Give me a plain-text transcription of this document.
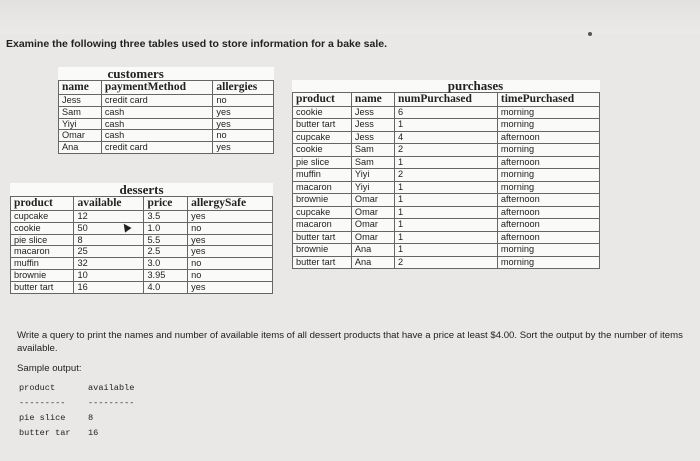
Examine the following three tables used to store information for a bake sale.
customers		
name	paymentMethod	allergies
Jess	credit card	no
Sam	cash	yes
Yiyi	cash	yes
Omar	cash	no
Ana	credit card	yes
desserts			
product	available	price	allergySafe
cupcake	12	3.5	yes
cookie	50	1.0	no
pie slice	8	5.5	yes
macaron	25	2.5	yes
muffin	32	3.0	no
brownie	10	3.95	no
butter tart	16	4.0	yes
	purchases		
product	name	numPurchased	timePurchased
cookie	Jess	6	morning
butter tart	Jess	1	morning
cupcake	Jess	4	afternoon
cookie	Sam	2	morning
pie slice	Sam	1	afternoon
muffin	Yiyi	2	morning
macaron	Yiyi	1	morning
brownie	Omar	1	afternoon
cupcake	Omar	1	afternoon
macaron	Omar	1	afternoon
butter tart	Omar	1	afternoon
brownie	Ana	1	morning
butter tart	Ana	2	morning
Write a query to print the names and number of available items of all dessert products that have a price at least $4.00. Sort the output by the number of items available.
Sample output:
product	available
---------	---------
pie slice	8
butter tar 16
